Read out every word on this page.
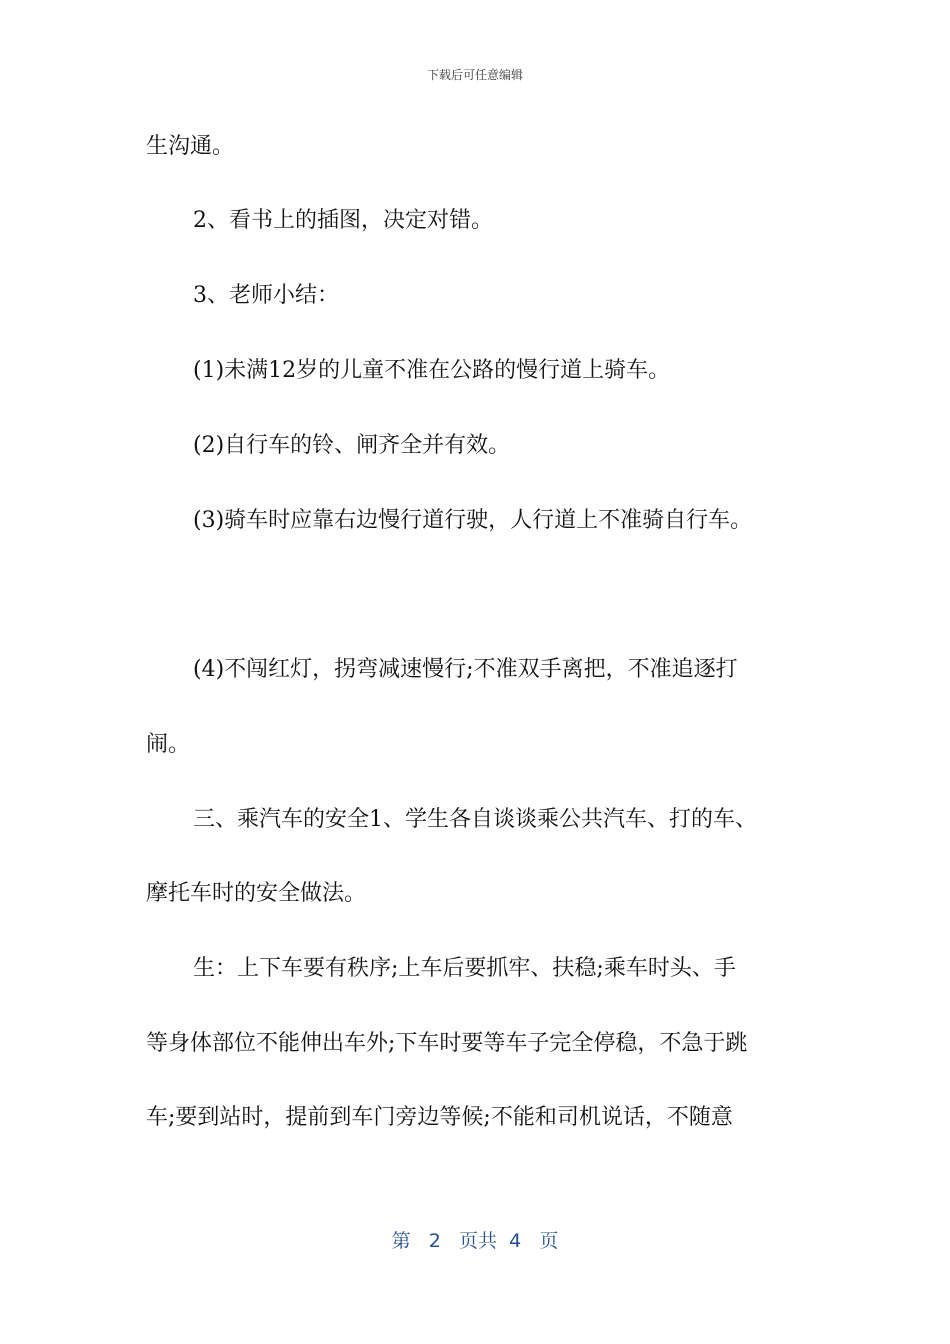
下载后可任意编辑
生沟通。
2、看书上的插图，决定对错。
3、老师小结：
(1)未满12岁的儿童不准在公路的慢行道上骑车。
(2)自行车的铃、闸齐全并有效。
(3)骑车时应靠右边慢行道行驶，人行道上不准骑自行车。
(4)不闯红灯，拐弯减速慢行;不准双手离把，不准追逐打
闹。
三、乘汽车的安全1、学生各自谈谈乘公共汽车、打的车、
摩托车时的安全做法。
生：上下车要有秩序;上车后要抓牢、扶稳;乘车时头、手
等身体部位不能伸出车外;下车时要等车子完全停稳，不急于跳
车;要到站时，提前到车门旁边等候;不能和司机说话，不随意
第 2 页共 4 页
